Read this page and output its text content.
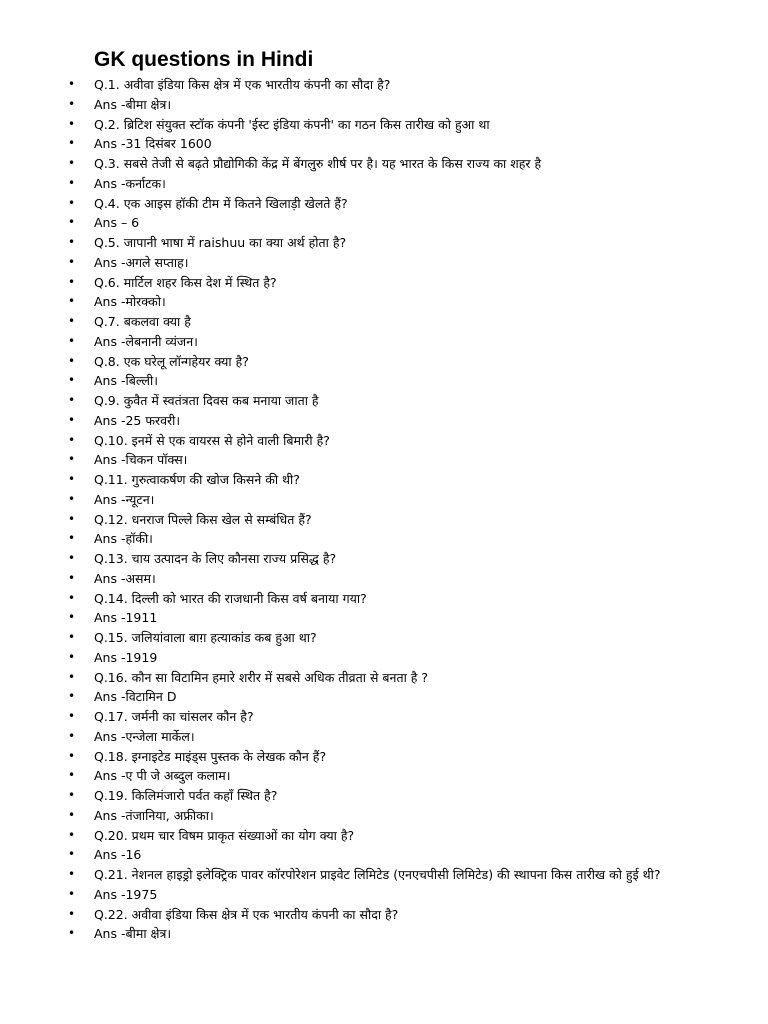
GK questions in Hindi
• Q.1. अवीवा इंडिया किस क्षेत्र में एक भारतीय कंपनी का सौदा है?
• Ans -बीमा क्षेत्र।
• Q.2. ब्रिटिश संयुक्त स्टॉक कंपनी 'ईस्ट इंडिया कंपनी' का गठन किस तारीख को हुआ था
• Ans -31 दिसंबर 1600
• Q.3. सबसे तेजी से बढ़ते प्रौद्योगिकी केंद्र में बेंगलुरु शीर्ष पर है। यह भारत के किस राज्य का शहर है
• Ans -कर्नाटक।
• Q.4. एक आइस हॉकी टीम में कितने खिलाड़ी खेलते हैं?
• Ans – 6
• Q.5. जापानी भाषा में raishuu का क्या अर्थ होता है?
• Ans -अगले सप्ताह।
• Q.6. मार्टिल शहर किस देश में स्थित है?
• Ans -मोरक्को।
• Q.7. बकलवा क्या है
• Ans -लेबनानी व्यंजन।
• Q.8. एक घरेलू लॉन्गहेयर क्या है?
• Ans -बिल्ली।
• Q.9. कुवैत में स्वतंत्रता दिवस कब मनाया जाता है
• Ans -25 फरवरी।
• Q.10. इनमें से एक वायरस से होने वाली बिमारी है?
• Ans -चिकन पॉक्स।
• Q.11. गुरुत्वाकर्षण की खोज किसने की थी?
• Ans -न्यूटन।
• Q.12. धनराज पिल्ले किस खेल से सम्बंधित हैं?
• Ans -हॉकी।
• Q.13. चाय उत्पादन के लिए कौनसा राज्य प्रसिद्ध है?
• Ans -असम।
• Q.14. दिल्ली को भारत की राजधानी किस वर्ष बनाया गया?
• Ans -1911
• Q.15. जलियांवाला बाग़ हत्याकांड कब हुआ था?
• Ans -1919
• Q.16. कौन सा विटामिन हमारे शरीर में सबसे अधिक तीव्रता से बनता है ?
• Ans -विटामिन D
• Q.17. जर्मनी का चांसलर कौन है?
• Ans -एन्जेला मार्केल।
• Q.18. इग्नाइटेड माइंड्स पुस्तक के लेखक कौन हैं?
• Ans -ए पी जे अब्दुल कलाम।
• Q.19. किलिमंजारो पर्वत कहाँ स्थित है?
• Ans -तंजानिया, अफ्रीका।
• Q.20. प्रथम चार विषम प्राकृत संख्याओं का योग क्या है?
• Ans -16
• Q.21. नेशनल हाइड्रो इलेक्ट्रिक पावर कॉरपोरेशन प्राइवेट लिमिटेड (एनएचपीसी लिमिटेड) की स्थापना किस तारीख को हुई थी?
• Ans -1975
• Q.22. अवीवा इंडिया किस क्षेत्र में एक भारतीय कंपनी का सौदा है?
• Ans -बीमा क्षेत्र।
